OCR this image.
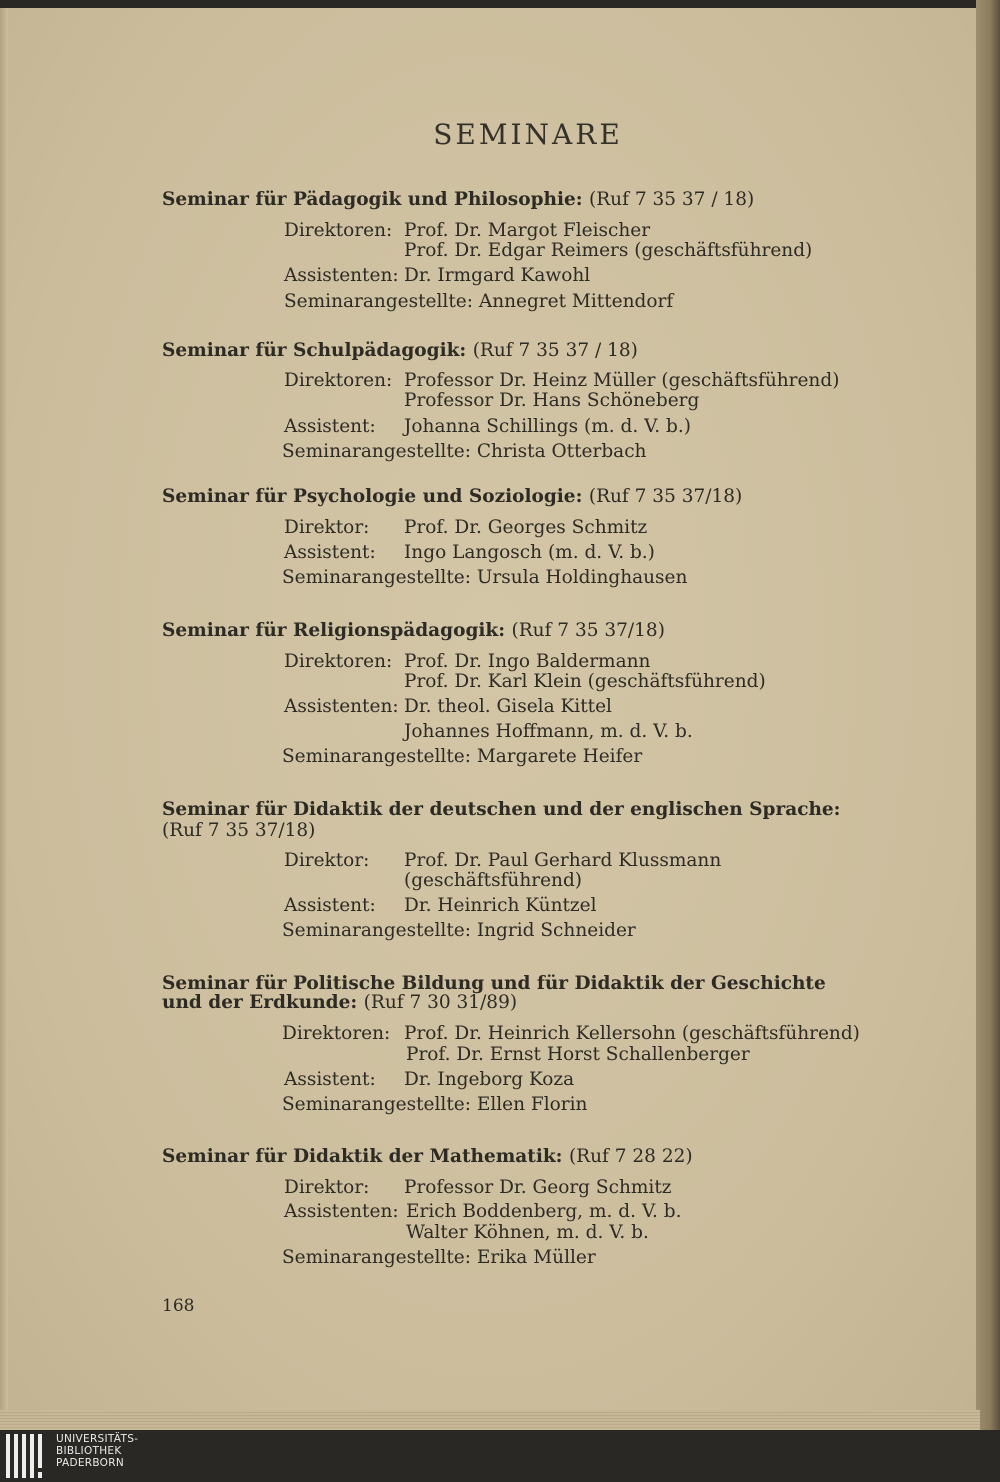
SEMINARE
Seminar für Pädagogik und Philosophie: (Ruf 7 35 37 / 18)
Direktoren: Prof. Dr. Margot Fleischer
Prof. Dr. Edgar Reimers (geschäftsführend)
Assistenten: Dr. Irmgard Kawohl
Seminarangestellte: Annegret Mittendorf
Seminar für Schulpädagogik: (Ruf 7 35 37 / 18)
Direktoren: Professor Dr. Heinz Müller (geschäftsführend)
Professor Dr. Hans Schöneberg
Assistent: Johanna Schillings (m. d. V. b.)
Seminarangestellte: Christa Otterbach
Seminar für Psychologie und Soziologie: (Ruf 7 35 37/18)
Direktor: Prof. Dr. Georges Schmitz
Assistent: Ingo Langosch (m. d. V. b.)
Seminarangestellte: Ursula Holdinghausen
Seminar für Religionspädagogik: (Ruf 7 35 37/18)
Direktoren: Prof. Dr. Ingo Baldermann
Prof. Dr. Karl Klein (geschäftsführend)
Assistenten: Dr. theol. Gisela Kittel
Johannes Hoffmann, m. d. V. b.
Seminarangestellte: Margarete Heifer
Seminar für Didaktik der deutschen und der englischen Sprache:
(Ruf 7 35 37/18)
Direktor: Prof. Dr. Paul Gerhard Klussmann
(geschäftsführend)
Assistent: Dr. Heinrich Küntzel
Seminarangestellte: Ingrid Schneider
Seminar für Politische Bildung und für Didaktik der Geschichte
und der Erdkunde: (Ruf 7 30 31/89)
Direktoren: Prof. Dr. Heinrich Kellersohn (geschäftsführend)
Prof. Dr. Ernst Horst Schallenberger
Assistent: Dr. Ingeborg Koza
Seminarangestellte: Ellen Florin
Seminar für Didaktik der Mathematik: (Ruf 7 28 22)
Direktor: Professor Dr. Georg Schmitz
Assistenten: Erich Boddenberg, m. d. V. b.
Walter Köhnen, m. d. V. b.
Seminarangestellte: Erika Müller
168
UNIVERSITÄTS-
BIBLIOTHEK
PADERBORN
